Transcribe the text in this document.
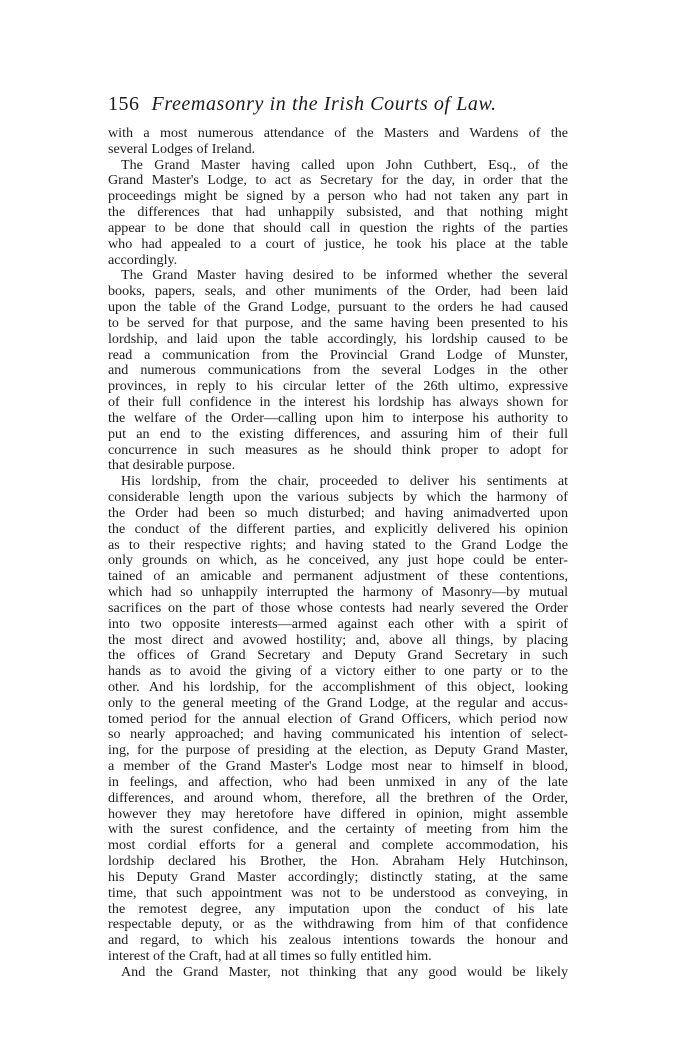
156 Freemasonry in the Irish Courts of Law.
with a most numerous attendance of the Masters and Wardens of the
several Lodges of Ireland.
The Grand Master having called upon John Cuthbert, Esq., of the
Grand Master's Lodge, to act as Secretary for the day, in order that the
proceedings might be signed by a person who had not taken any part in
the differences that had unhappily subsisted, and that nothing might
appear to be done that should call in question the rights of the parties
who had appealed to a court of justice, he took his place at the table
accordingly.
The Grand Master having desired to be informed whether the several
books, papers, seals, and other muniments of the Order, had been laid
upon the table of the Grand Lodge, pursuant to the orders he had caused
to be served for that purpose, and the same having been presented to his
lordship, and laid upon the table accordingly, his lordship caused to be
read a communication from the Provincial Grand Lodge of Munster,
and numerous communications from the several Lodges in the other
provinces, in reply to his circular letter of the 26th ultimo, expressive
of their full confidence in the interest his lordship has always shown for
the welfare of the Order—calling upon him to interpose his authority to
put an end to the existing differences, and assuring him of their full
concurrence in such measures as he should think proper to adopt for
that desirable purpose.
His lordship, from the chair, proceeded to deliver his sentiments at
considerable length upon the various subjects by which the harmony of
the Order had been so much disturbed; and having animadverted upon
the conduct of the different parties, and explicitly delivered his opinion
as to their respective rights; and having stated to the Grand Lodge the
only grounds on which, as he conceived, any just hope could be enter-
tained of an amicable and permanent adjustment of these contentions,
which had so unhappily interrupted the harmony of Masonry—by mutual
sacrifices on the part of those whose contests had nearly severed the Order
into two opposite interests—armed against each other with a spirit of
the most direct and avowed hostility; and, above all things, by placing
the offices of Grand Secretary and Deputy Grand Secretary in such
hands as to avoid the giving of a victory either to one party or to the
other. And his lordship, for the accomplishment of this object, looking
only to the general meeting of the Grand Lodge, at the regular and accus-
tomed period for the annual election of Grand Officers, which period now
so nearly approached; and having communicated his intention of select-
ing, for the purpose of presiding at the election, as Deputy Grand Master,
a member of the Grand Master's Lodge most near to himself in blood,
in feelings, and affection, who had been unmixed in any of the late
differences, and around whom, therefore, all the brethren of the Order,
however they may heretofore have differed in opinion, might assemble
with the surest confidence, and the certainty of meeting from him the
most cordial efforts for a general and complete accommodation, his
lordship declared his Brother, the Hon. Abraham Hely Hutchinson,
his Deputy Grand Master accordingly; distinctly stating, at the same
time, that such appointment was not to be understood as conveying, in
the remotest degree, any imputation upon the conduct of his late
respectable deputy, or as the withdrawing from him of that confidence
and regard, to which his zealous intentions towards the honour and
interest of the Craft, had at all times so fully entitled him.
And the Grand Master, not thinking that any good would be likely
